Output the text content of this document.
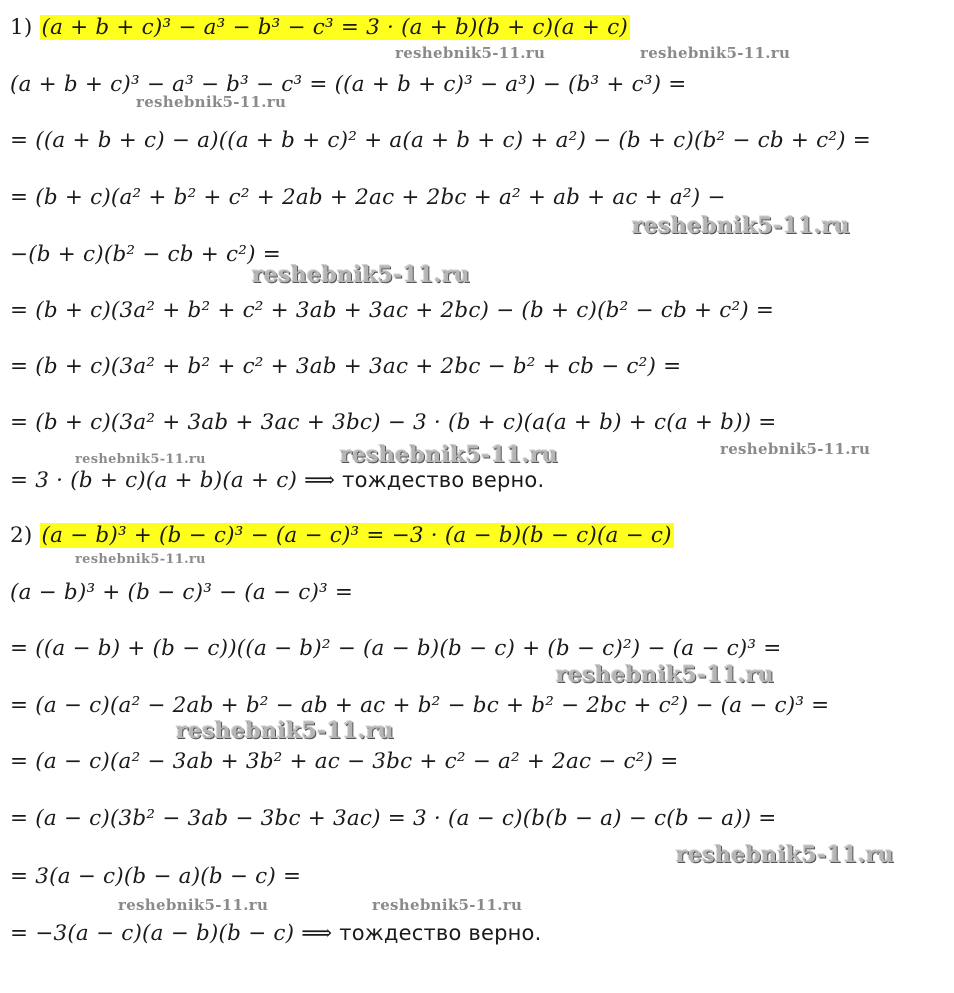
1) (a + b + c)³ − a³ − b³ − c³ = 3 · (a + b)(b + c)(a + c)
(a + b + c)³ − a³ − b³ − c³ = ((a + b + c)³ − a³) − (b³ + c³) =
= ((a + b + c) − a)((a + b + c)² + a(a + b + c) + a²) − (b + c)(b² − cb + c²) =
= (b + c)(a² + b² + c² + 2ab + 2ac + 2bc + a² + ab + ac + a²) −
−(b + c)(b² − cb + c²) =
= (b + c)(3a² + b² + c² + 3ab + 3ac + 2bc) − (b + c)(b² − cb + c²) =
= (b + c)(3a² + b² + c² + 3ab + 3ac + 2bc − b² + cb − c²) =
= (b + c)(3a² + 3ab + 3ac + 3bc) − 3 · (b + c)(a(a + b) + c(a + b)) =
= 3 · (b + c)(a + b)(a + c) ⟹ тождество верно.
2) (a − b)³ + (b − c)³ − (a − c)³ = −3 · (a − b)(b − c)(a − c)
(a − b)³ + (b − c)³ − (a − c)³ =
= ((a − b) + (b − c))((a − b)² − (a − b)(b − c) + (b − c)²) − (a − c)³ =
= (a − c)(a² − 2ab + b² − ab + ac + b² − bc + b² − 2bc + c²) − (a − c)³ =
= (a − c)(a² − 3ab + 3b² + ac − 3bc + c² − a² + 2ac − c²) =
= (a − c)(3b² − 3ab − 3bc + 3ac) = 3 · (a − c)(b(b − a) − c(b − a)) =
= 3(a − c)(b − a)(b − c) =
= −3(a − c)(a − b)(b − c) ⟹ тождество верно.
reshebnik5-11.ru	reshebnik5-11.ru
reshebnik5-11.ru
reshebnik5-11.ru
reshebnik5-11.ru
reshebnik5-11.ru	reshebnik5-11.ru	reshebnik5-11.ru
reshebnik5-11.ru
reshebnik5-11.ru
reshebnik5-11.ru
reshebnik5-11.ru
reshebnik5-11.ru	reshebnik5-11.ru
